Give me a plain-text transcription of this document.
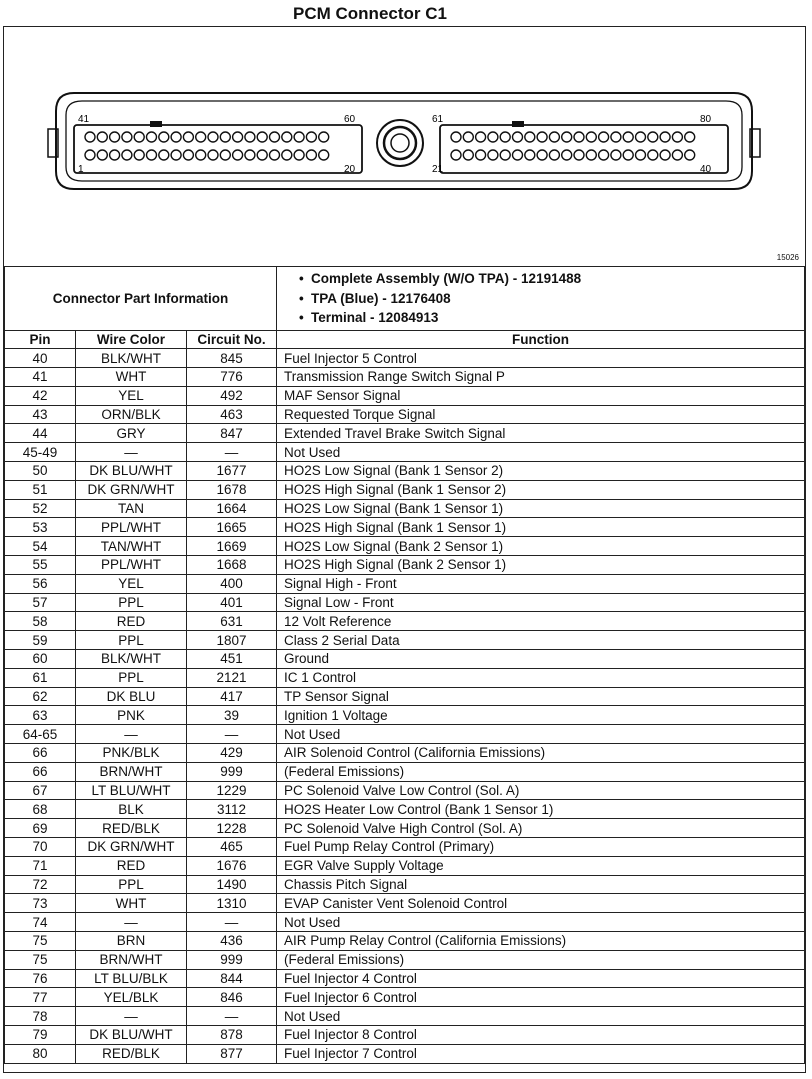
PCM Connector C1
41	60
1	20
61	80
21	40
15026
Connector Part Information			• Complete Assembly (W/O TPA) - 12191488
• TPA (Blue) - 12176408
• Terminal - 12084913

Pin	Wire Color	Circuit No.	Function
40	BLK/WHT	845	Fuel Injector 5 Control
41	WHT	776	Transmission Range Switch Signal P
42	YEL	492	MAF Sensor Signal
43	ORN/BLK	463	Requested Torque Signal
44	GRY	847	Extended Travel Brake Switch Signal
45-49	—	—	Not Used
50	DK BLU/WHT	1677	HO2S Low Signal (Bank 1 Sensor 2)
51	DK GRN/WHT	1678	HO2S High Signal (Bank 1 Sensor 2)
52	TAN	1664	HO2S Low Signal (Bank 1 Sensor 1)
53	PPL/WHT	1665	HO2S High Signal (Bank 1 Sensor 1)
54	TAN/WHT	1669	HO2S Low Signal (Bank 2 Sensor 1)
55	PPL/WHT	1668	HO2S High Signal (Bank 2 Sensor 1)
56	YEL	400	Signal High - Front
57	PPL	401	Signal Low - Front
58	RED	631	12 Volt Reference
59	PPL	1807	Class 2 Serial Data
60	BLK/WHT	451	Ground
61	PPL	2121	IC 1 Control
62	DK BLU	417	TP Sensor Signal
63	PNK	39	Ignition 1 Voltage
64-65	—	—	Not Used
66	PNK/BLK	429	AIR Solenoid Control (California Emissions)
66	BRN/WHT	999	(Federal Emissions)
67	LT BLU/WHT	1229	PC Solenoid Valve Low Control (Sol. A)
68	BLK	3112	HO2S Heater Low Control (Bank 1 Sensor 1)
69	RED/BLK	1228	PC Solenoid Valve High Control (Sol. A)
70	DK GRN/WHT	465	Fuel Pump Relay Control (Primary)
71	RED	1676	EGR Valve Supply Voltage
72	PPL	1490	Chassis Pitch Signal
73	WHT	1310	EVAP Canister Vent Solenoid Control
74	—	—	Not Used
75	BRN	436	AIR Pump Relay Control (California Emissions)
75	BRN/WHT	999	(Federal Emissions)
76	LT BLU/BLK	844	Fuel Injector 4 Control
77	YEL/BLK	846	Fuel Injector 6 Control
78	—	—	Not Used
79	DK BLU/WHT	878	Fuel Injector 8 Control
80	RED/BLK	877	Fuel Injector 7 Control
